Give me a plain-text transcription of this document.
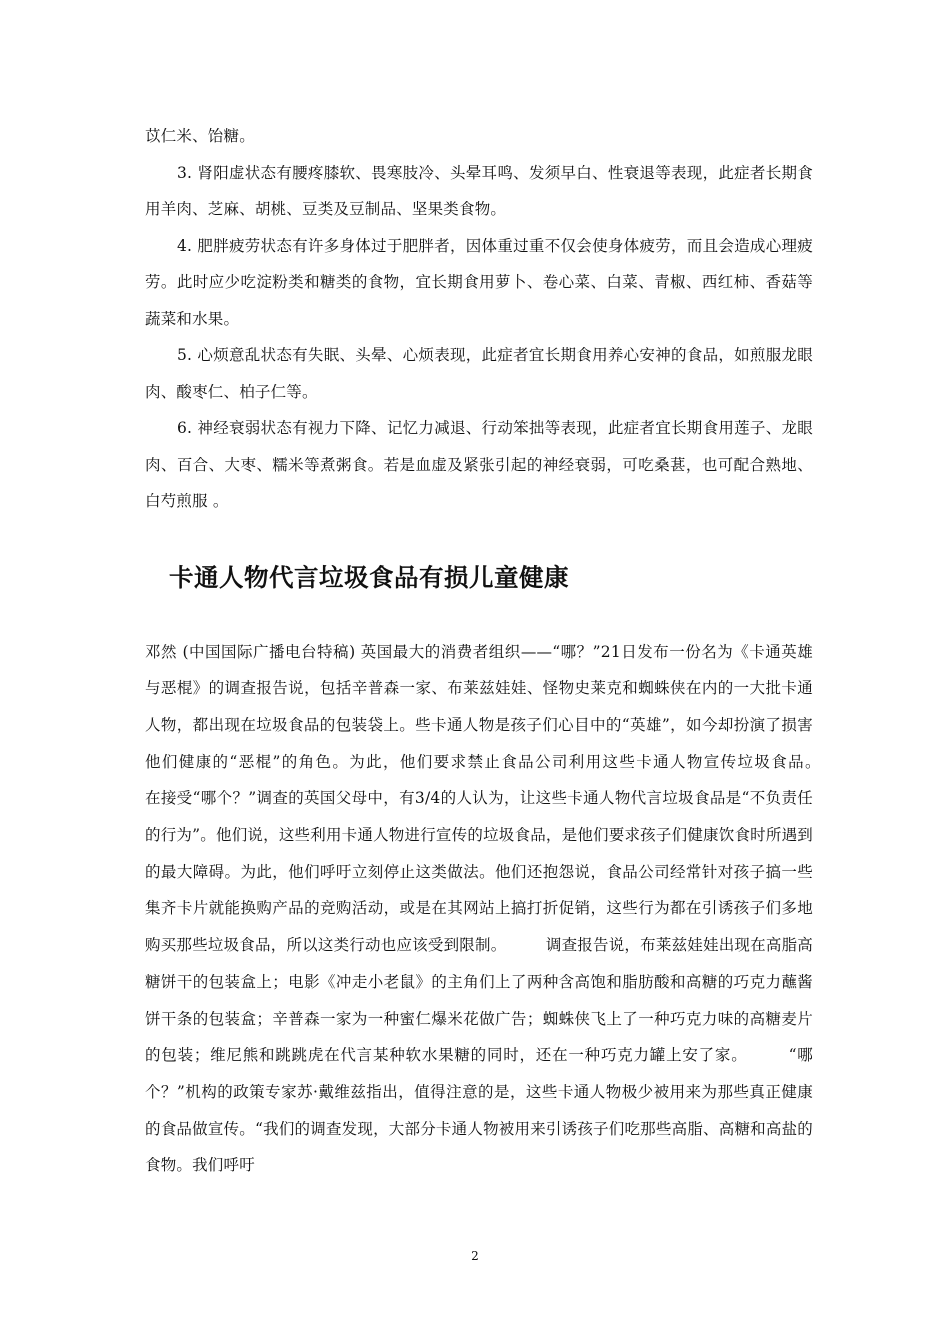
苡仁米、饴糖。

3. 肾阳虚状态有腰疼膝软、畏寒肢冷、头晕耳鸣、发须早白、性衰退等表现，此症者长期食用羊肉、芝麻、胡桃、豆类及豆制品、坚果类食物。

4. 肥胖疲劳状态有许多身体过于肥胖者，因体重过重不仅会使身体疲劳，而且会造成心理疲劳。此时应少吃淀粉类和糖类的食物，宜长期食用萝卜、卷心菜、白菜、青椒、西红柿、香菇等蔬菜和水果。

5. 心烦意乱状态有失眠、头晕、心烦表现，此症者宜长期食用养心安神的食品，如煎服龙眼肉、酸枣仁、柏子仁等。

6. 神经衰弱状态有视力下降、记忆力减退、行动笨拙等表现，此症者宜长期食用莲子、龙眼肉、百合、大枣、糯米等煮粥食。若是血虚及紧张引起的神经衰弱，可吃桑葚，也可配合熟地、白芍煎服 。

卡通人物代言垃圾食品有损儿童健康

邓然 (中国国际广播电台特稿) 英国最大的消费者组织——“哪？”21日发布一份名为《卡通英雄与恶棍》的调查报告说，包括辛普森一家、布莱兹娃娃、怪物史莱克和蜘蛛侠在内的一大批卡通人物，都出现在垃圾食品的包装袋上。些卡通人物是孩子们心目中的“英雄”，如今却扮演了损害他们健康的“恶棍”的角色。为此，他们要求禁止食品公司利用这些卡通人物宣传垃圾食品。　　　在接受“哪个？”调查的英国父母中，有3/4的人认为，让这些卡通人物代言垃圾食品是“不负责任的行为”。他们说，这些利用卡通人物进行宣传的垃圾食品，是他们要求孩子们健康饮食时所遇到的最大障碍。为此，他们呼吁立刻停止这类做法。他们还抱怨说，食品公司经常针对孩子搞一些集齐卡片就能换购产品的竞购活动，或是在其网站上搞打折促销，这些行为都在引诱孩子们多地购买那些垃圾食品，所以这类行动也应该受到限制。　　　调查报告说，布莱兹娃娃出现在高脂高糖饼干的包装盒上；电影《冲走小老鼠》的主角们上了两种含高饱和脂肪酸和高糖的巧克力蘸酱饼干条的包装盒；辛普森一家为一种蜜仁爆米花做广告；蜘蛛侠飞上了一种巧克力味的高糖麦片的包装；维尼熊和跳跳虎在代言某种软水果糖的同时，还在一种巧克力罐上安了家。　　　“哪个？”机构的政策专家苏·戴维兹指出，值得注意的是，这些卡通人物极少被用来为那些真正健康的食品做宣传。“我们的调查发现，大部分卡通人物被用来引诱孩子们吃那些高脂、高糖和高盐的食物。我们呼吁

2
